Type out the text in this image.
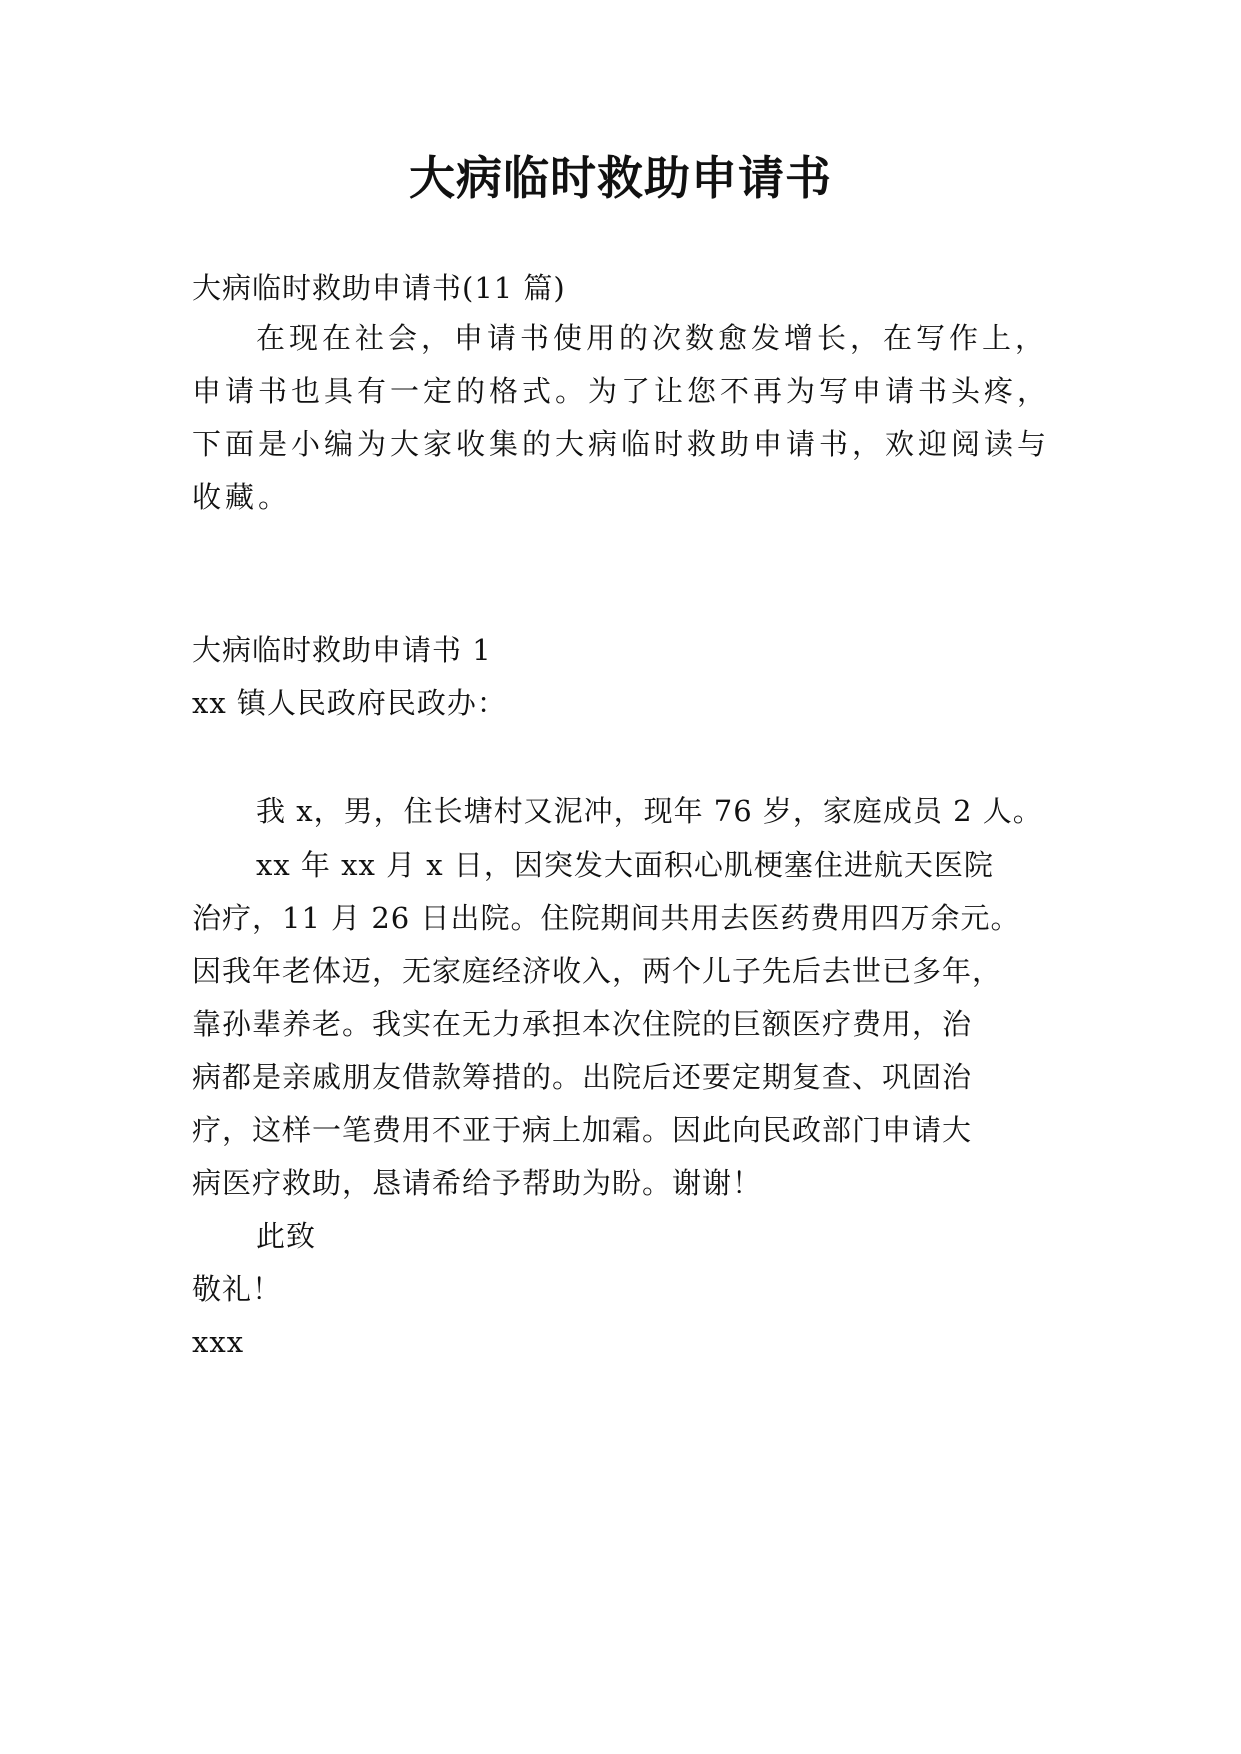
大病临时救助申请书
大病临时救助申请书(11 篇)
在现在社会，申请书使用的次数愈发增长，在写作上，
申请书也具有一定的格式。为了让您不再为写申请书头疼，
下面是小编为大家收集的大病临时救助申请书，欢迎阅读与
收藏。
大病临时救助申请书 1
xx 镇人民政府民政办：
我 x，男，住长塘村又泥冲，现年 76 岁，家庭成员 2 人。
xx 年 xx 月 x 日，因突发大面积心肌梗塞住进航天医院
治疗，11 月 26 日出院。住院期间共用去医药费用四万余元。
因我年老体迈，无家庭经济收入，两个儿子先后去世已多年，
靠孙辈养老。我实在无力承担本次住院的巨额医疗费用，治
病都是亲戚朋友借款筹措的。出院后还要定期复查、巩固治
疗，这样一笔费用不亚于病上加霜。因此向民政部门申请大
病医疗救助，恳请希给予帮助为盼。谢谢！
此致
敬礼！
xxx
